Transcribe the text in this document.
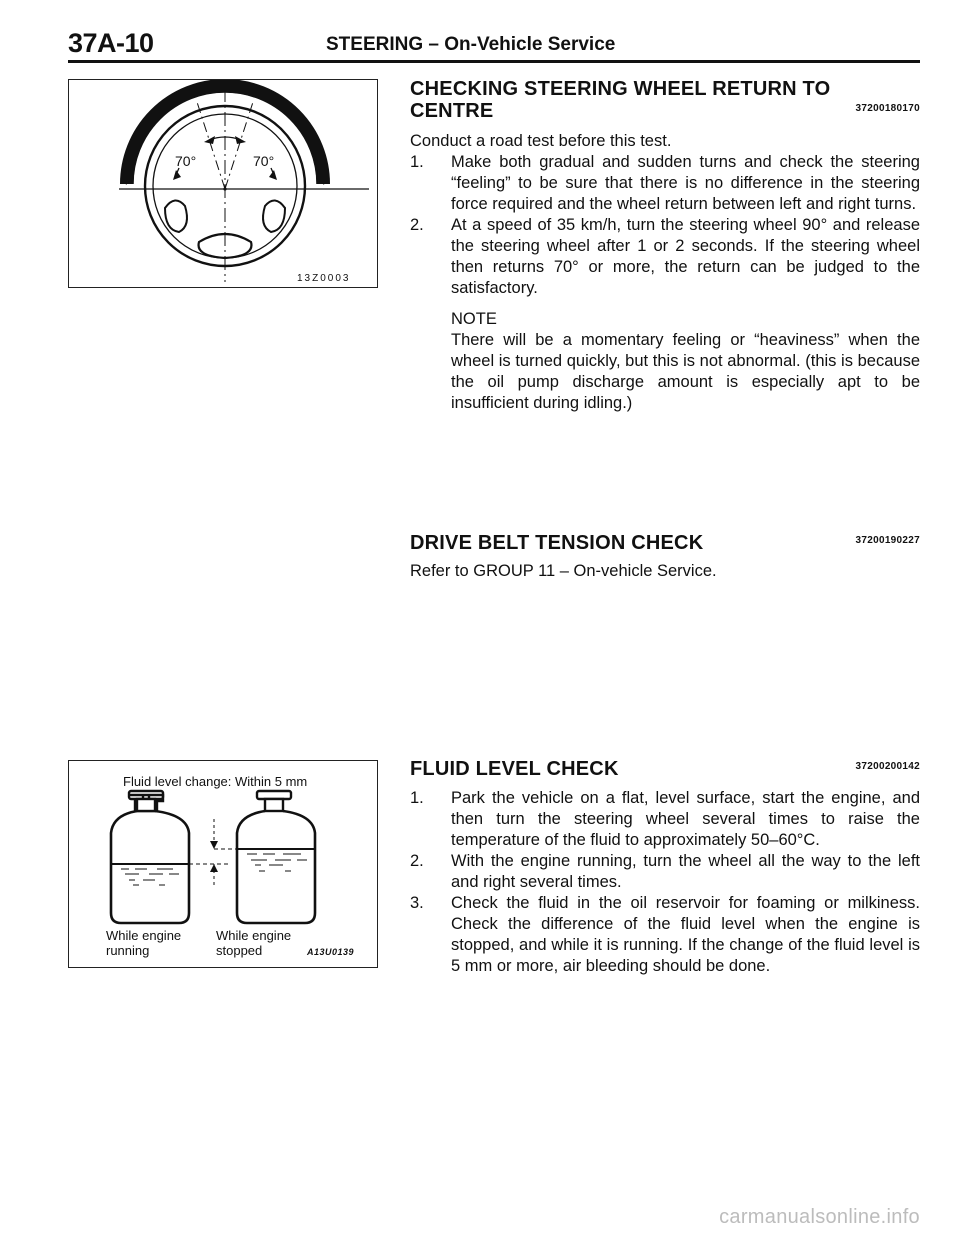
37A-10	STEERING – On-Vehicle Service
70°	70°
13Z0003
CHECKING STEERING WHEEL RETURN TO
CENTRE	37200180170
Conduct a road test before this test.
1. Make both gradual and sudden turns and check the steering “feeling” to be sure that there is no difference in the steering force required and the wheel return between left and right turns.
2. At a speed of 35 km/h, turn the steering wheel 90° and release the steering wheel after 1 or 2 seconds. If the steering wheel then returns 70° or more, the return can be judged to the satisfactory.
NOTE
There will be a momentary feeling or “heaviness” when the wheel is turned quickly, but this is not abnormal. (this is because the oil pump discharge amount is especially apt to be insufficient during idling.)
DRIVE BELT TENSION CHECK	37200190227
Refer to GROUP 11 – On-vehicle Service.
Fluid level change: Within 5 mm
While engine
running
While engine
stopped	A13U0139
FLUID LEVEL CHECK	37200200142
1. Park the vehicle on a flat, level surface, start the engine, and then turn the steering wheel several times to raise the temperature of the fluid to approximately 50–60°C.
2. With the engine running, turn the wheel all the way to the left and right several times.
3. Check the fluid in the oil reservoir for foaming or milkiness. Check the difference of the fluid level when the engine is stopped, and while it is running. If the change of the fluid level is 5 mm or more, air bleeding should be done.
carmanualsonline.info
